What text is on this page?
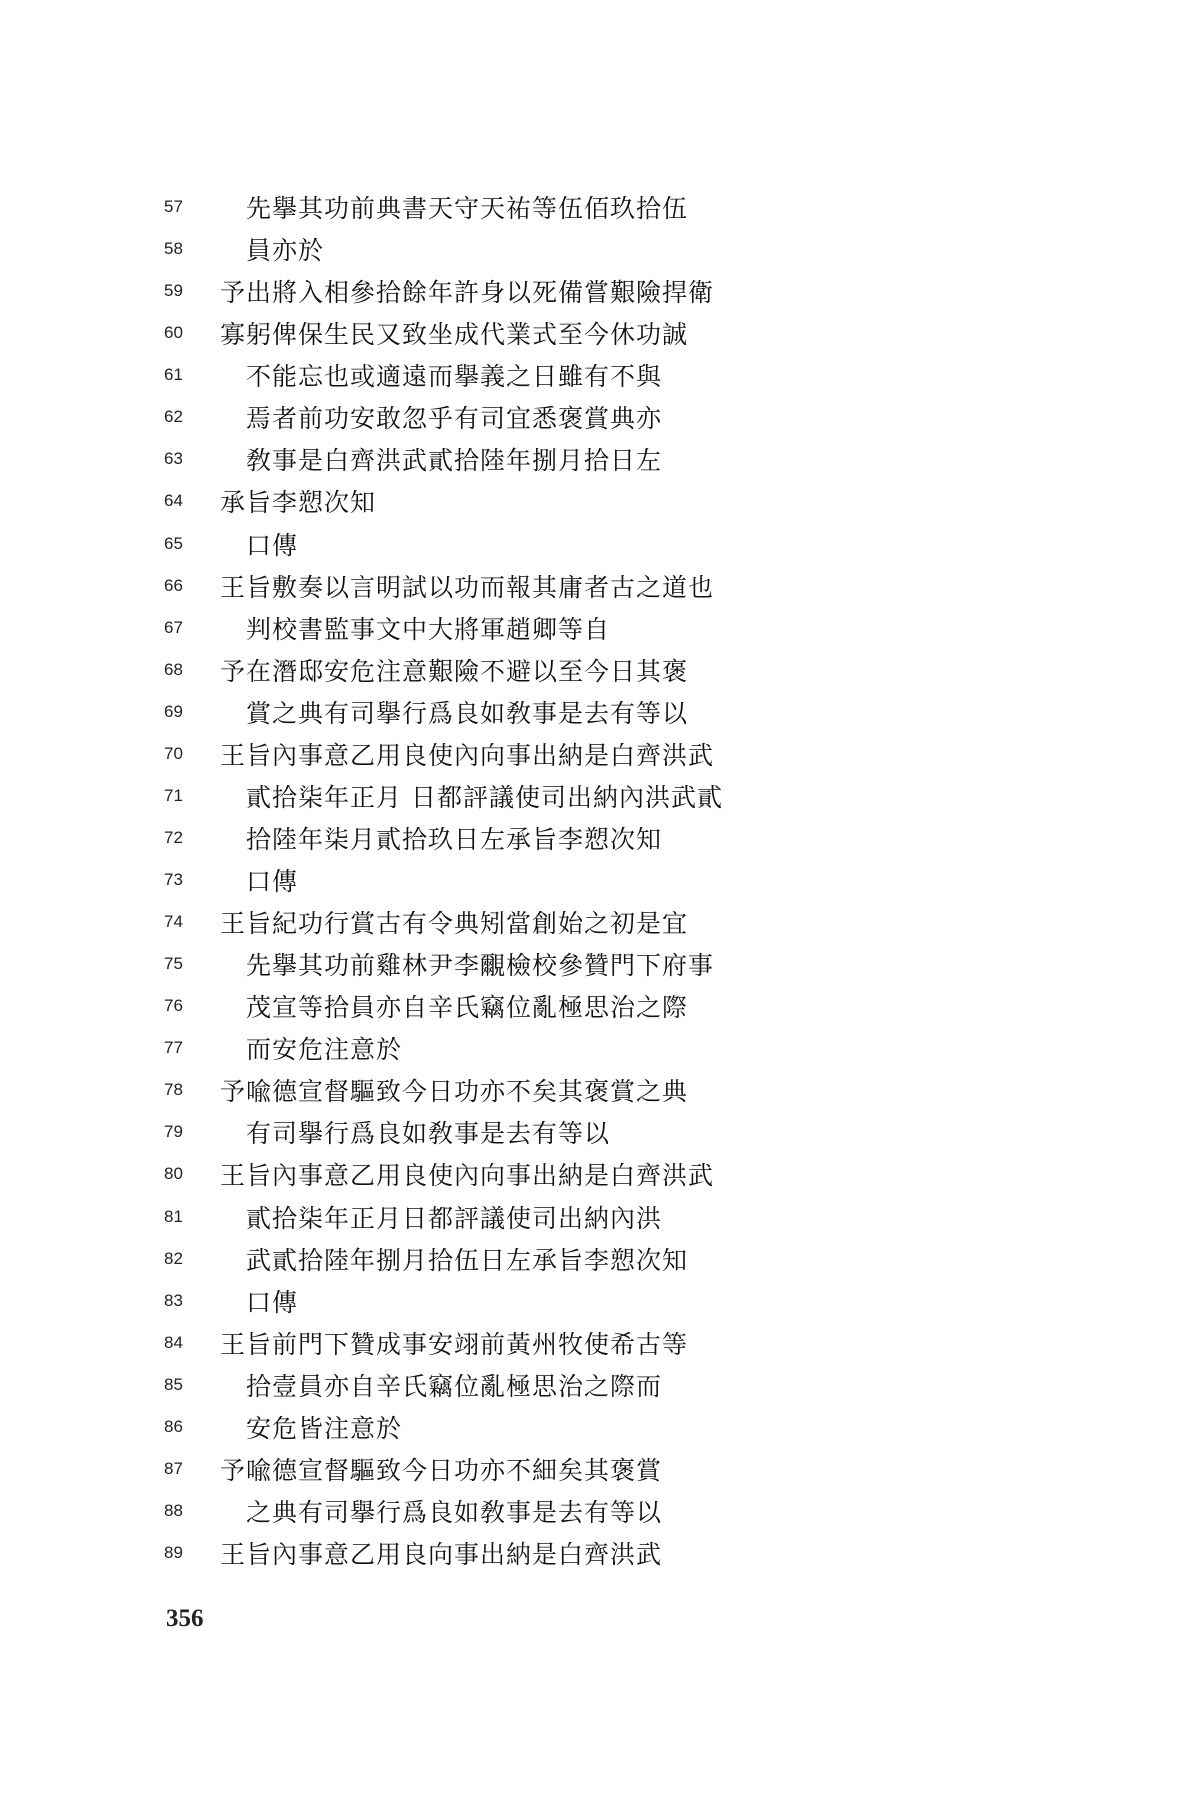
57	先擧其功前典書天守天祐等伍佰玖拾伍
58	員亦於
59	予出將入相參拾餘年許身以死備嘗艱險捍衛
60	寡躬俾保生民又致坐成代業式至今休功誠
61	不能忘也或適遠而擧義之日雖有不與
62	焉者前功安敢忽乎有司宜悉褒賞典亦
63	敎事是白齊洪武貳拾陸年捌月拾日左
64	承旨李愬次知
65	口傳
66	王旨敷奏以言明試以功而報其庸者古之道也
67	判校書監事文中大將軍趙卿等自
68	予在潛邸安危注意艱險不避以至今日其褒
69	賞之典有司擧行爲良如敎事是去有等以
70	王旨內事意乙用良使內向事出納是白齊洪武
71	貳拾柒年正月 日都評議使司出納內洪武貳
72	拾陸年柒月貳拾玖日左承旨李愬次知
73	口傳
74	王旨紀功行賞古有令典矧當創始之初是宜
75	先擧其功前雞林尹李覼檢校參贊門下府事
76	茂宣等拾員亦自辛氏竊位亂極思治之際
77	而安危注意於
78	予喩德宣督驅致今日功亦不矣其褒賞之典
79	有司擧行爲良如敎事是去有等以
80	王旨內事意乙用良使內向事出納是白齊洪武
81	貳拾柒年正月日都評議使司出納內洪
82	武貳拾陸年捌月拾伍日左承旨李愬次知
83	口傳
84	王旨前門下贊成事安翊前黃州牧使希古等
85	拾壹員亦自辛氏竊位亂極思治之際而
86	安危皆注意於
87	予喩德宣督驅致今日功亦不細矣其褒賞
88	之典有司擧行爲良如敎事是去有等以
89	王旨內事意乙用良向事出納是白齊洪武
356
